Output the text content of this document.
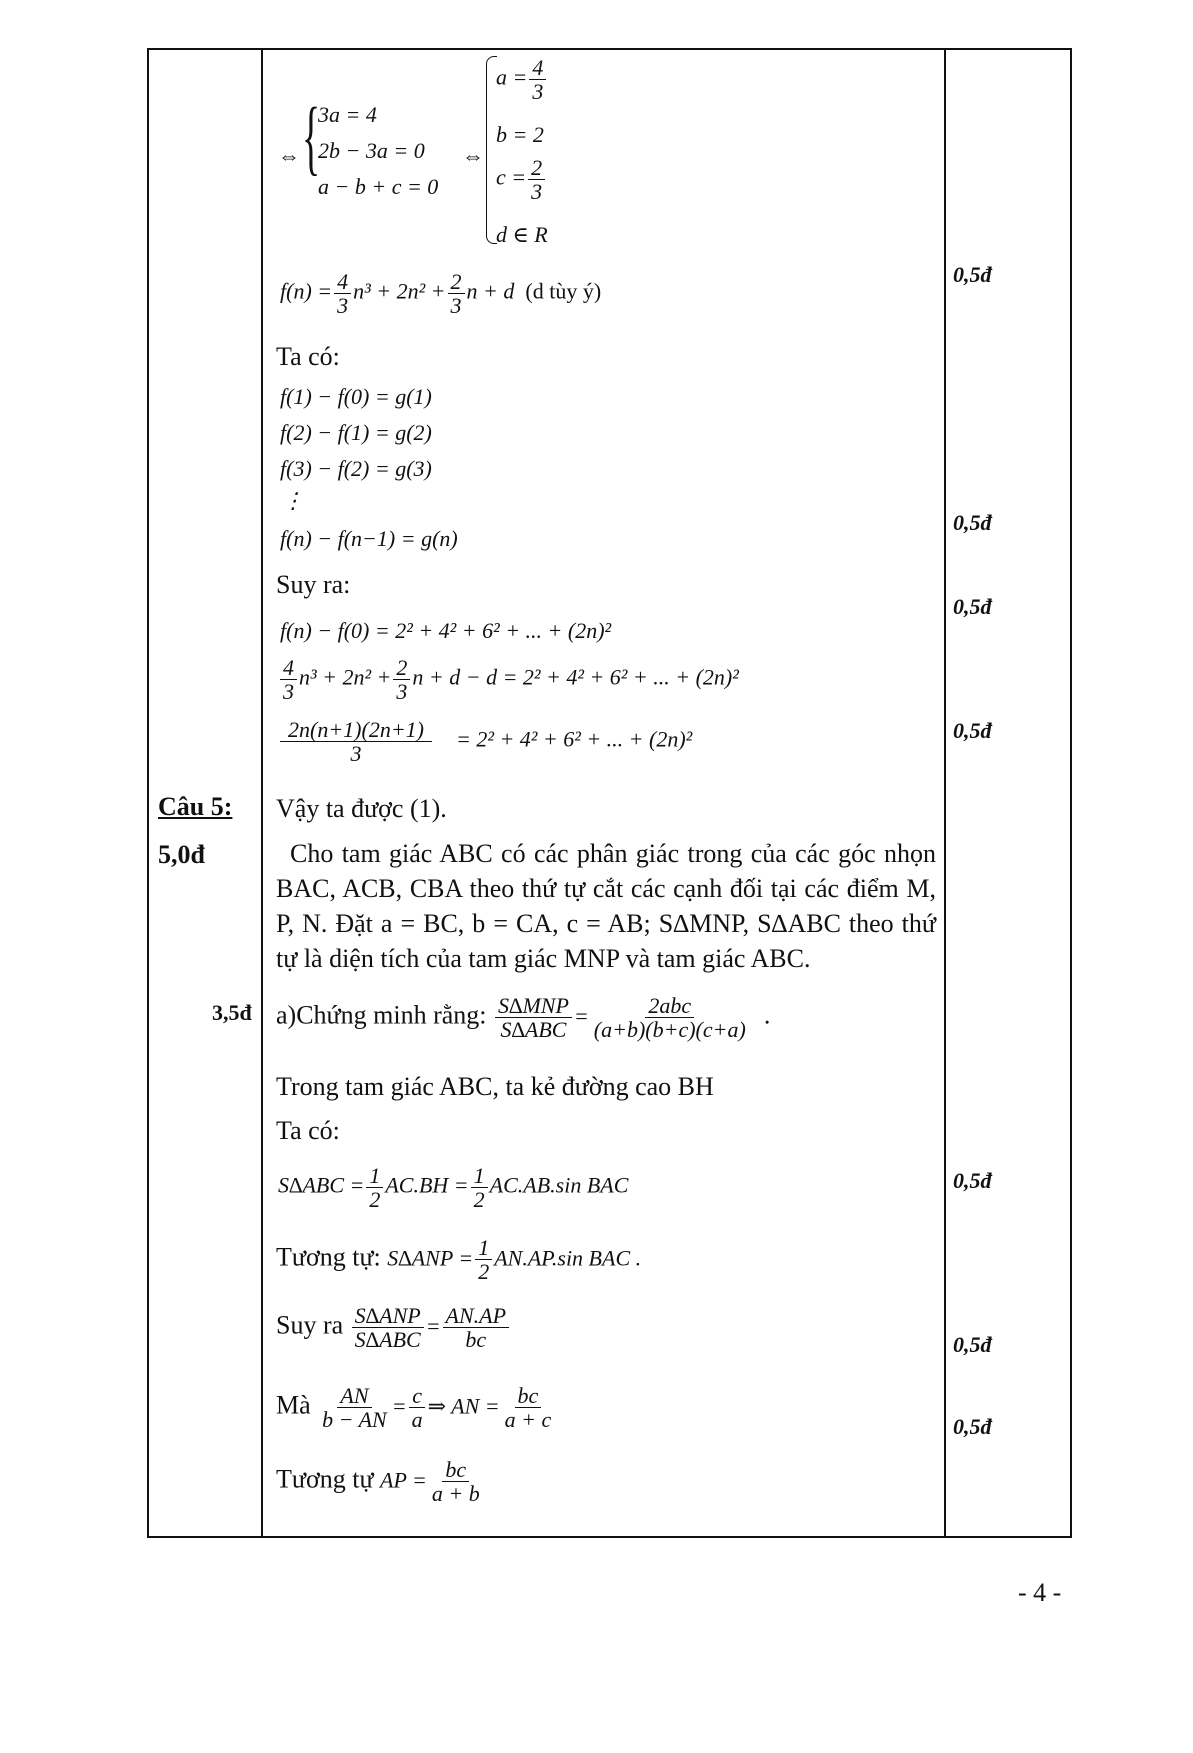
Câu 5:
5,0đ
3,5đ
0,5đ
0,5đ
0,5đ
0,5đ
0,5đ
0,5đ
0,5đ
⇔ {
3a = 4
2b − 3a = 0
a − b + c = 0
⇔
$a = \frac{4}{3}$
b = 2
$c = \frac{2}{3}$
d ∈ R
$f(n) = \frac{4}{3} n^3 + 2n^2 + \frac{2}{3}$ n + d (d tùy ý)
Ta có:
f(1) − f(0) = g(1)
f(2) − f(1) = g(2)
f(3) − f(2) = g(3)
⋮
f(n) − f(n−1) = g(n)
Suy ra:
f(n) − f(0) = 2² + 4² + 6² + ... + (2n)²
$\frac{4}{3} n^3 + 2n^2 + \frac{2}{3}$ n + d − d = 2² + 4² + 6² + ... + (2n)²
$\frac{2n(n+1)(2n+1)}{3} = 2^2 + 4^2 + 6^2$ + ... + (2n)²
Vậy ta được (1).
Cho tam giác ABC có các phân giác trong của các góc nhọn BAC, ACB, CBA theo thứ tự cắt các cạnh đối tại các điểm M, P, N. Đặt a = BC, b = CA, c = AB; S∆MNP, S∆ABC theo thứ tự là diện tích của tam giác MNP và tam giác ABC.
a)Chứng minh rằng: $\frac{\text{S∆MNP}}{\text{S∆ABC}} = \frac{\text{2abc}}{(a+b)(b+c)(c+a)}$ .
Trong tam giác ABC, ta kẻ đường cao BH
Ta có:
$S\Delta ABC = \frac{1}{2} AC.BH = \frac{1}{2} AC.AB.\sin$ BAC
Tương tự: $S\Delta ANP = \frac{1}{2} AN.AP.\sin$ BAC .
Suy ra $\frac{\text{S∆ANP}}{\text{S∆ABC}} = \frac{AN.AP}{bc}$
Mà $\frac{AN}{b - AN} = \frac{c}{a}$ ⇒ AN = $\frac{bc}{a + c}$
Tương tự AP = $\frac{bc}{a + b}$
- 4 -
